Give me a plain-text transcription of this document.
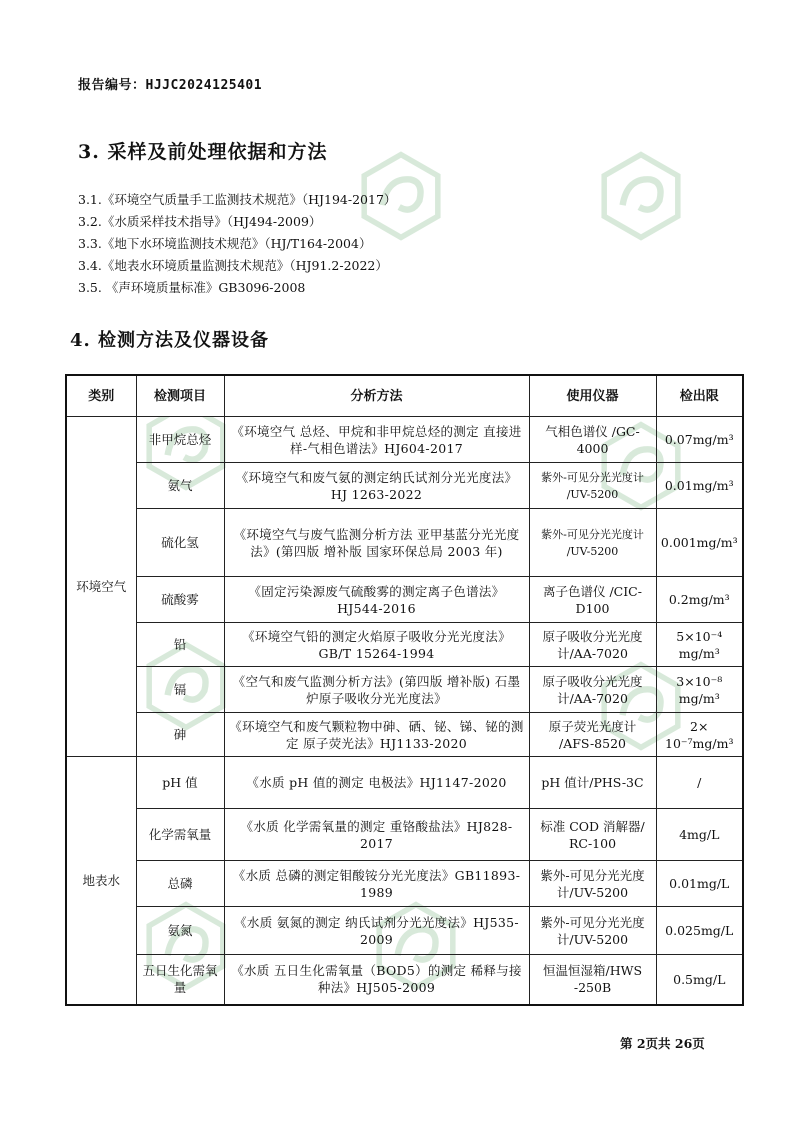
报告编号：HJJC2024125401
3. 采样及前处理依据和方法
3.1.《环境空气质量手工监测技术规范》（HJ194-2017）
3.2.《水质采样技术指导》（HJ494-2009）
3.3.《地下水环境监测技术规范》（HJ/T164-2004）
3.4.《地表水环境质量监测技术规范》（HJ91.2-2022）
3.5. 《声环境质量标准》GB3096-2008
4. 检测方法及仪器设备
类别	检测项目	分析方法	使用仪器	检出限
环境空气	非甲烷总烃	《环境空气 总烃、甲烷和非甲烷总烃的测定 直接进样-气相色谱法》HJ604-2017	气相色谱仪 /GC-4000	0.07mg/m³
	氨气	《环境空气和废气氨的测定纳氏试剂分光光度法》HJ 1263-2022	紫外-可见分光光度计 /UV-5200	0.01mg/m³
	硫化氢	《环境空气与废气监测分析方法 亚甲基蓝分光光度法》(第四版 增补版 国家环保总局 2003 年)	紫外-可见分光光度计 /UV-5200	0.001mg/m³
	硫酸雾	《固定污染源废气硫酸雾的测定离子色谱法》HJ544-2016	离子色谱仪 /CIC-D100	0.2mg/m³
	铅	《环境空气铅的测定火焰原子吸收分光光度法》GB/T 15264-1994	原子吸收分光光度计/AA-7020	5×10⁻⁴ mg/m³
	镉	《空气和废气监测分析方法》(第四版 增补版) 石墨炉原子吸收分光光度法》	原子吸收分光光度计/AA-7020	3×10⁻⁸ mg/m³
	砷	《环境空气和废气颗粒物中砷、硒、铋、锑、铋的测定 原子荧光法》HJ1133-2020	原子荧光光度计 /AFS-8520	2× 10⁻⁷mg/m³
地表水	pH 值	《水质 pH 值的测定 电极法》HJ1147-2020	pH 值计/PHS-3C	/
	化学需氧量	《水质 化学需氧量的测定 重铬酸盐法》HJ828-2017	标准 COD 消解器/ RC-100	4mg/L
	总磷	《水质 总磷的测定钼酸铵分光光度法》GB11893-1989	紫外-可见分光光度计/UV-5200	0.01mg/L
	氨氮	《水质 氨氮的测定 纳氏试剂分光光度法》HJ535-2009	紫外-可见分光光度计/UV-5200	0.025mg/L
	五日生化需氧量	《水质 五日生化需氧量（BOD5）的测定 稀释与接种法》HJ505-2009	恒温恒湿箱/HWS -250B	0.5mg/L
第 2页共 26页
